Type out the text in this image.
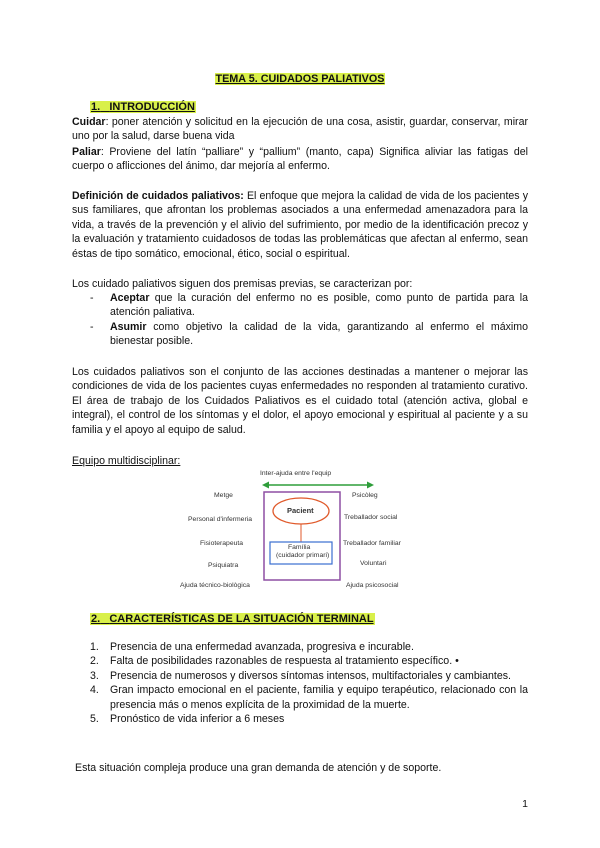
TEMA 5. CUIDADOS PALIATIVOS
1. INTRODUCCIÓN
Cuidar: poner atención y solicitud en la ejecución de una cosa, asistir, guardar, conservar, mirar uno por la salud, darse buena vida
Paliar: Proviene del latín “palliare” y “pallium” (manto, capa) Significa aliviar las fatigas del cuerpo o aflicciones del ánimo, dar mejoría al enfermo.
Definición de cuidados paliativos: El enfoque que mejora la calidad de vida de los pacientes y sus familiares, que afrontan los problemas asociados a una enfermedad amenazadora para la vida, a través de la prevención y el alivio del sufrimiento, por medio de la identificación precoz y la evaluación y tratamiento cuidadosos de todas las problemáticas que afectan al enfermo, sean éstas de tipo somático, emocional, ético, social o espiritual.
Los cuidado paliativos siguen dos premisas previas, se caracterizan por:
- Aceptar que la curación del enfermo no es posible, como punto de partida para la atención paliativa.
- Asumir como objetivo la calidad de la vida, garantizando al enfermo el máximo bienestar posible.
Los cuidados paliativos son el conjunto de las acciones destinadas a mantener o mejorar las condiciones de vida de los pacientes cuyas enfermedades no responden al tratamiento curativo. El área de trabajo de los Cuidados Paliativos es el cuidado total (atención activa, global e integral), el control de los síntomas y el dolor, el apoyo emocional y espiritual al paciente y a su familia y el apoyo al equipo de salud.
Equipo multidisciplinar:
Inter-ajuda entre l'equip
Pacient
Família
(cuidador primari)
Metge
Personal d'infermeria
Fisioterapeuta
Psiquiatra
Ajuda técnico-biològica
Psicòleg
Treballador social
Treballador familiar
Voluntari
Ajuda psicosocial
2. CARACTERÍSTICAS DE LA SITUACIÓN TERMINAL
1. Presencia de una enfermedad avanzada, progresiva e incurable.
2. Falta de posibilidades razonables de respuesta al tratamiento específico. •
3. Presencia de numerosos y diversos síntomas intensos, multifactoriales y cambiantes.
4. Gran impacto emocional en el paciente, familia y equipo terapéutico, relacionado con la presencia más o menos explícita de la proximidad de la muerte.
5. Pronóstico de vida inferior a 6 meses
Esta situación compleja produce una gran demanda de atención y de soporte.
1
